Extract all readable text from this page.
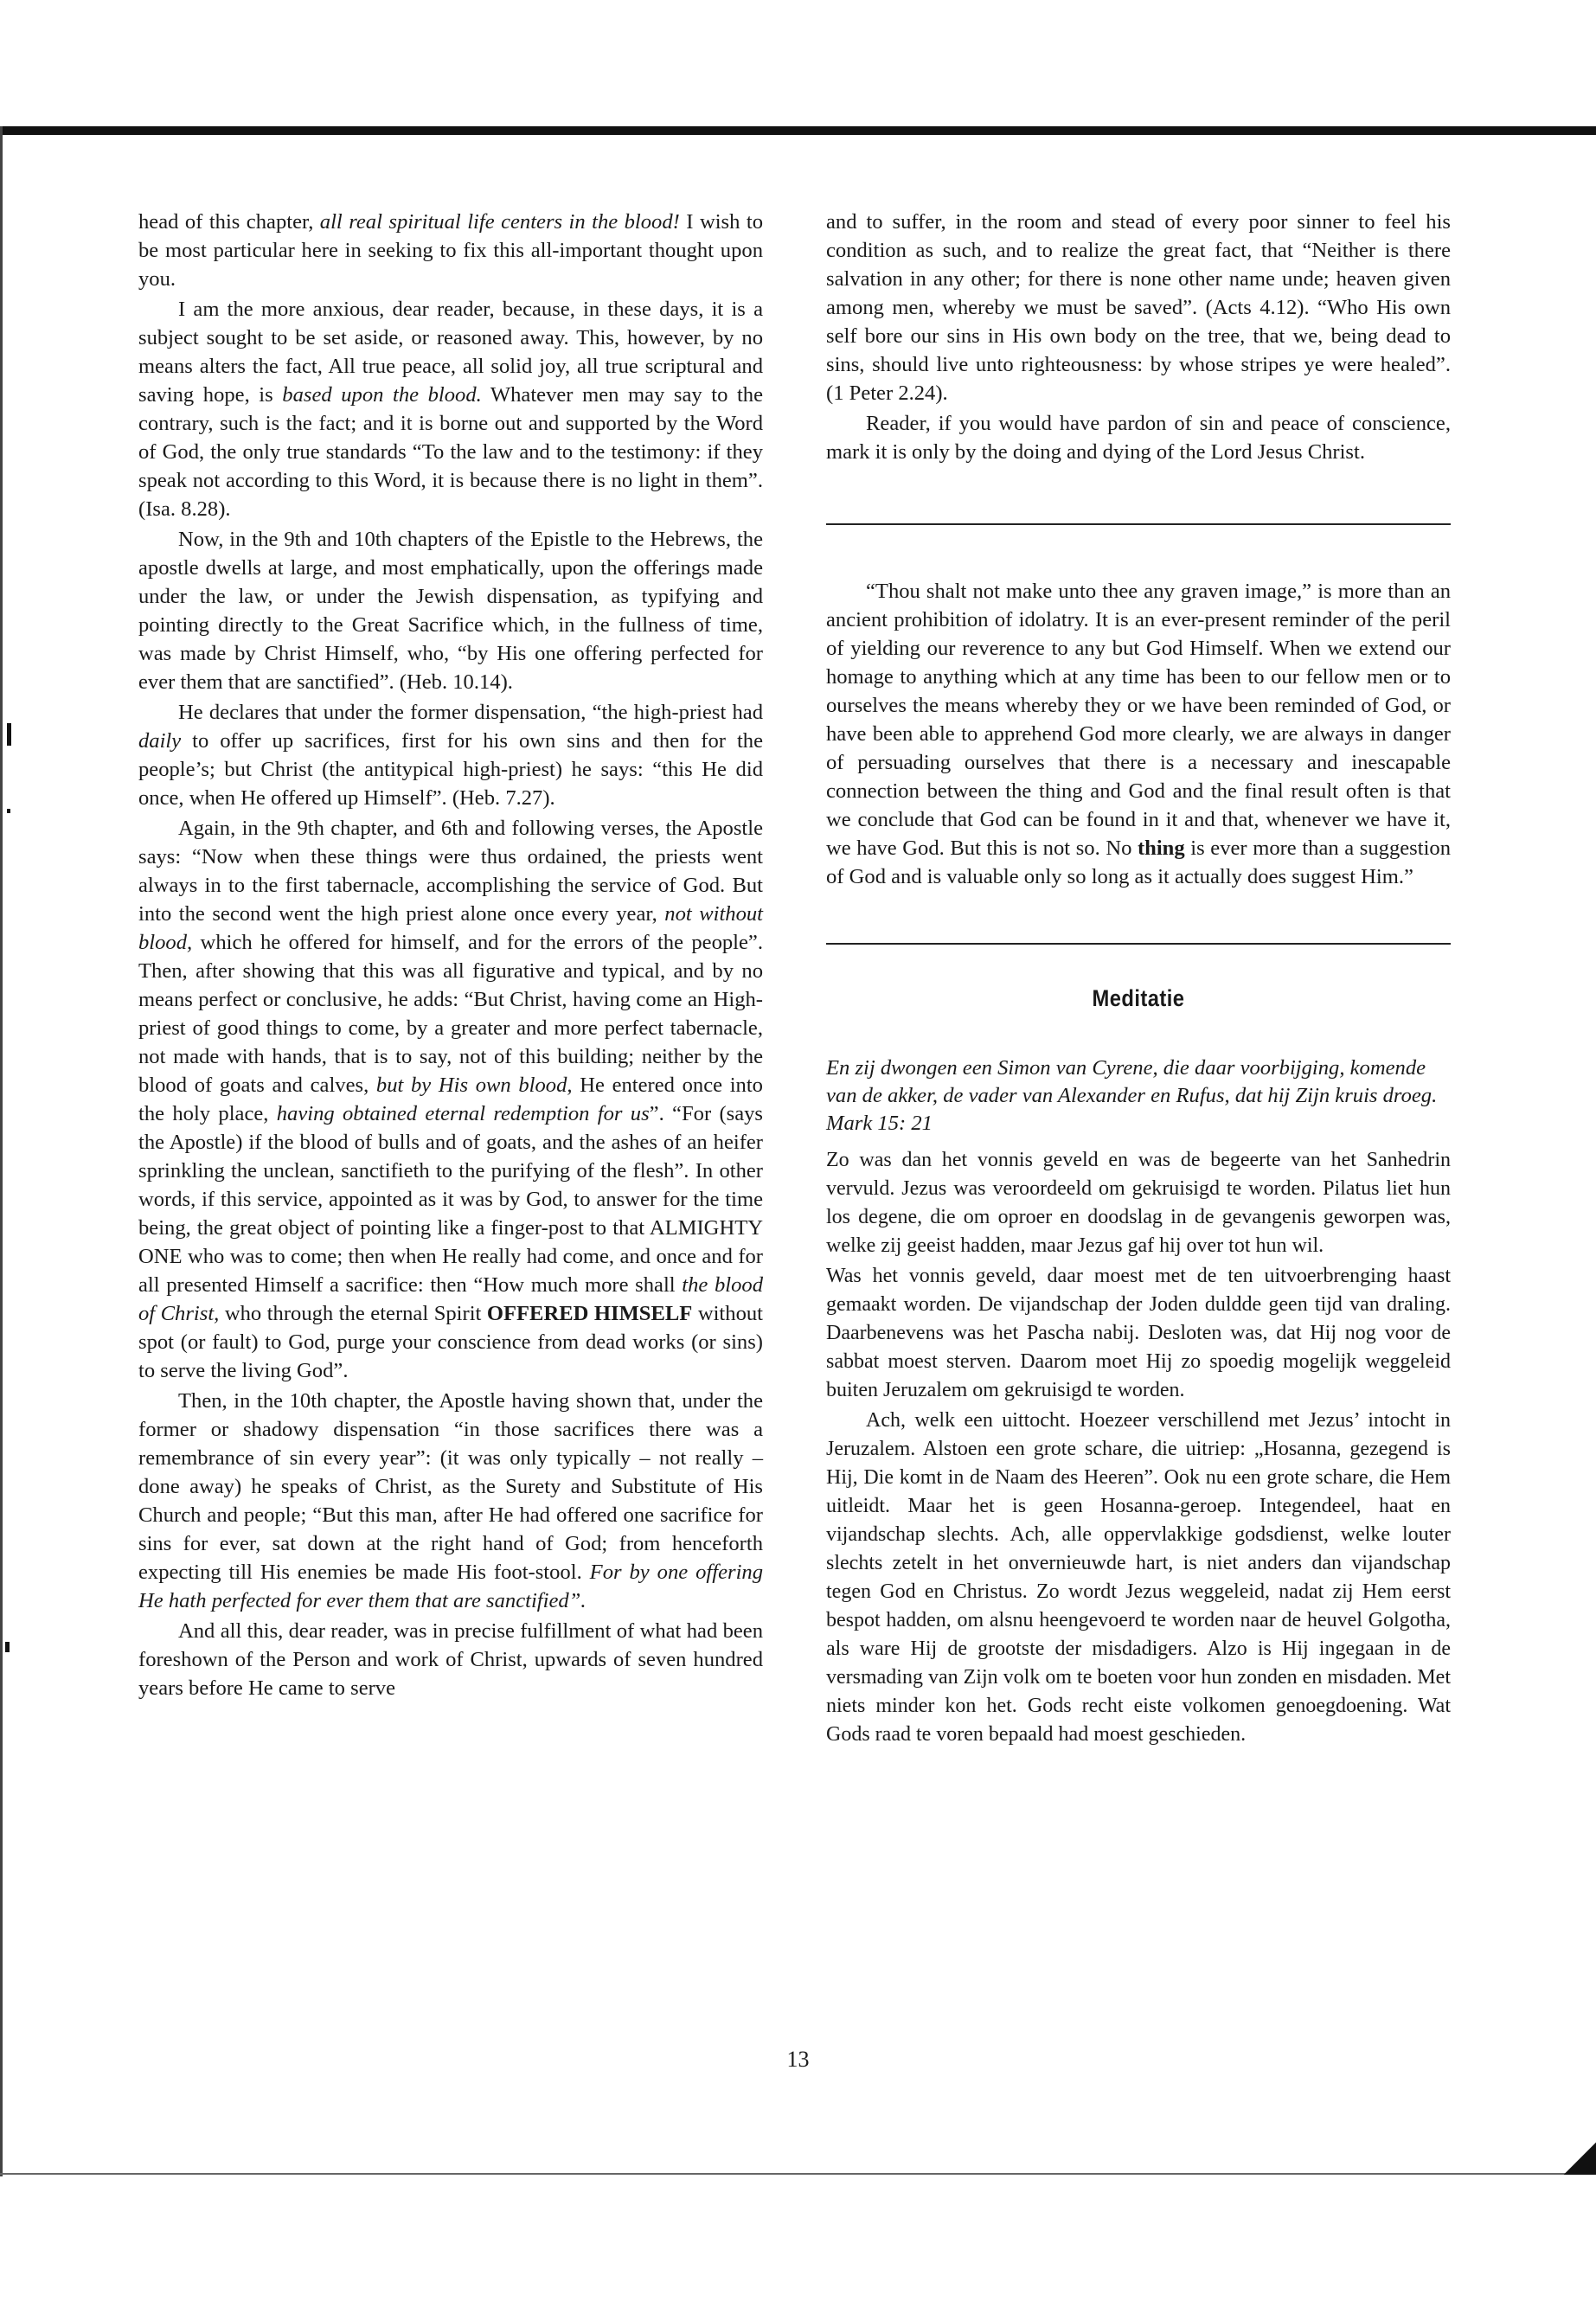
head of this chapter, all real spiritual life centers in the blood! I wish to be most particular here in seeking to fix this all-important thought upon you.

I am the more anxious, dear reader, because, in these days, it is a subject sought to be set aside, or reasoned away. This, however, by no means alters the fact, All true peace, all solid joy, all true scriptural and saving hope, is based upon the blood. Whatever men may say to the contrary, such is the fact; and it is borne out and supported by the Word of God, the only true standards “To the law and to the testimony: if they speak not according to this Word, it is because there is no light in them”. (Isa. 8.28).

Now, in the 9th and 10th chapters of the Epistle to the Hebrews, the apostle dwells at large, and most emphatically, upon the offerings made under the law, or under the Jewish dispensation, as typifying and pointing directly to the Great Sacrifice which, in the fullness of time, was made by Christ Himself, who, “by His one offering perfected for ever them that are sanctified”. (Heb. 10.14).

He declares that under the former dispensation, “the high-priest had daily to offer up sacrifices, first for his own sins and then for the people’s; but Christ (the antitypical high-priest) he says: “this He did once, when He offered up Himself”. (Heb. 7.27).

Again, in the 9th chapter, and 6th and following verses, the Apostle says: “Now when these things were thus ordained, the priests went always in to the first tabernacle, accomplishing the service of God. But into the second went the high priest alone once every year, not without blood, which he offered for himself, and for the errors of the people”. Then, after showing that this was all figurative and typical, and by no means perfect or conclusive, he adds: “But Christ, having come an High-priest of good things to come, by a greater and more perfect tabernacle, not made with hands, that is to say, not of this building; neither by the blood of goats and calves, but by His own blood, He entered once into the holy place, having obtained eternal redemption for us”. “For (says the Apostle) if the blood of bulls and of goats, and the ashes of an heifer sprinkling the unclean, sanctifieth to the purifying of the flesh”. In other words, if this service, appointed as it was by God, to answer for the time being, the great object of pointing like a finger-post to that ALMIGHTY ONE who was to come; then when He really had come, and once and for all presented Himself a sacrifice: then “How much more shall the blood of Christ, who through the eternal Spirit OFFERED HIMSELF without spot (or fault) to God, purge your conscience from dead works (or sins) to serve the living God”.

Then, in the 10th chapter, the Apostle having shown that, under the former or shadowy dispensation “in those sacrifices there was a remembrance of sin every year”: (it was only typically – not really – done away) he speaks of Christ, as the Surety and Substitute of His Church and people; “But this man, after He had offered one sacrifice for sins for ever, sat down at the right hand of God; from henceforth expecting till His enemies be made His foot-stool. For by one offering He hath perfected for ever them that are sanctified”.

And all this, dear reader, was in precise fulfillment of what had been foreshown of the Person and work of Christ, upwards of seven hundred years before He came to serve

and to suffer, in the room and stead of every poor sinner to feel his condition as such, and to realize the great fact, that “Neither is there salvation in any other; for there is none other name unde; heaven given among men, whereby we must be saved”. (Acts 4.12). “Who His own self bore our sins in His own body on the tree, that we, being dead to sins, should live unto righteousness: by whose stripes ye were healed”. (1 Peter 2.24).

Reader, if you would have pardon of sin and peace of conscience, mark it is only by the doing and dying of the Lord Jesus Christ.

“Thou shalt not make unto thee any graven image,” is more than an ancient prohibition of idolatry. It is an ever-present reminder of the peril of yielding our reverence to any but God Himself. When we extend our homage to anything which at any time has been to our fellow men or to ourselves the means whereby they or we have been reminded of God, or have been able to apprehend God more clearly, we are always in danger of persuading ourselves that there is a necessary and inescapable connection between the thing and God and the final result often is that we conclude that God can be found in it and that, whenever we have it, we have God. But this is not so. No thing is ever more than a suggestion of God and is valuable only so long as it actually does suggest Him.”

Meditatie
En zij dwongen een Simon van Cyrene, die daar voorbijging, komende van de akker, de vader van Alexander en Rufus, dat hij Zijn kruis droeg. Mark 15: 21

Zo was dan het vonnis geveld en was de begeerte van het Sanhedrin vervuld. Jezus was veroordeeld om gekruisigd te worden. Pilatus liet hun los degene, die om oproer en doodslag in de gevangenis geworpen was, welke zij geeist hadden, maar Jezus gaf hij over tot hun wil.

Was het vonnis geveld, daar moest met de ten uitvoerbrenging haast gemaakt worden. De vijandschap der Joden duldde geen tijd van draling. Daarbenevens was het Pascha nabij. Desloten was, dat Hij nog voor de sabbat moest sterven. Daarom moet Hij zo spoedig mogelijk weggeleid buiten Jeruzalem om gekruisigd te worden.

Ach, welk een uittocht. Hoezeer verschillend met Jezus’ intocht in Jeruzalem. Alstoen een grote schare, die uitriep: „Hosanna, gezegend is Hij, Die komt in de Naam des Heeren”. Ook nu een grote schare, die Hem uitleidt. Maar het is geen Hosanna-geroep. Integendeel, haat en vijandschap slechts. Ach, alle oppervlakkige godsdienst, welke louter slechts zetelt in het onvernieuwde hart, is niet anders dan vijandschap tegen God en Christus. Zo wordt Jezus weggeleid, nadat zij Hem eerst bespot hadden, om alsnu heengevoerd te worden naar de heuvel Golgotha, als ware Hij de grootste der misdadigers. Alzo is Hij ingegaan in de versmading van Zijn volk om te boeten voor hun zonden en misdaden. Met niets minder kon het. Gods recht eiste volkomen genoegdoening. Wat Gods raad te voren bepaald had moest geschieden.

13
